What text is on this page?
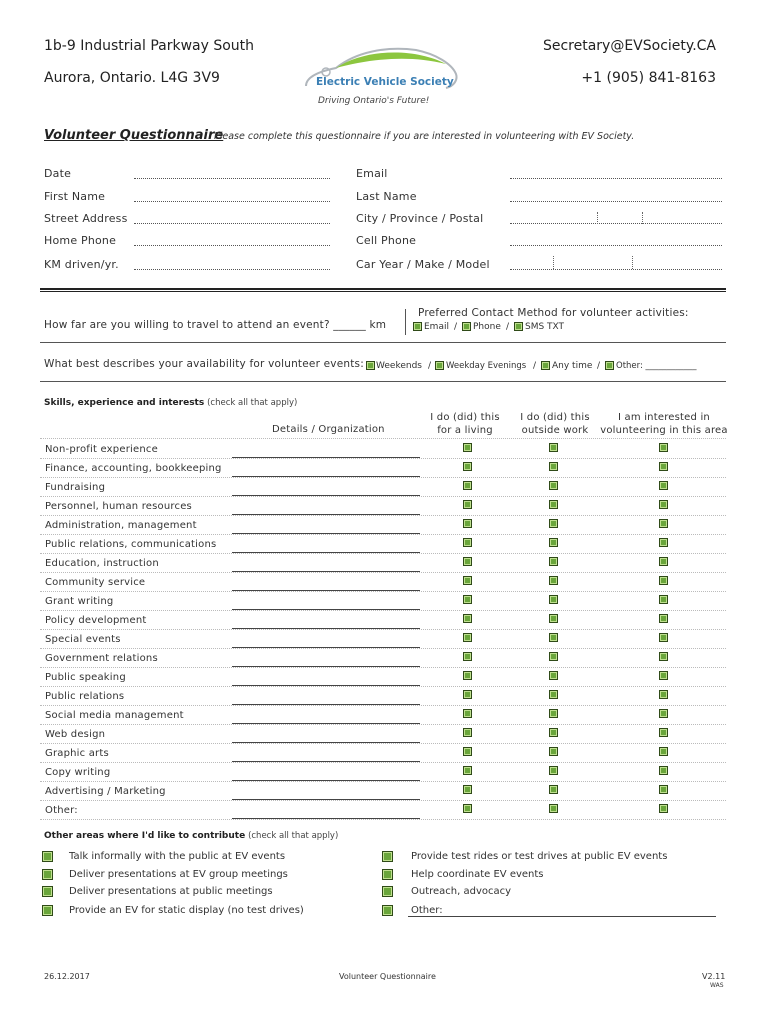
1b-9 Industrial Parkway South
Aurora, Ontario. L4G 3V9
Secretary@EVSociety.CA
+1 (905) 841-8163
Electric Vehicle Society
Driving Ontario's Future!
Volunteer Questionnaire
Please complete this questionnaire if you are interested in volunteering with EV Society.
Date
First Name
Street Address
Home Phone
KM driven/yr.
Email
Last Name
City / Province / Postal
Cell Phone
Car Year / Make / Model
How far are you willing to travel to attend an event? ______ km
Preferred Contact Method for volunteer activities:
Email / Phone / SMS TXT
What best describes your availability for volunteer events: Weekends / Weekday Evenings / Any time / Other: ____________
Skills, experience and interests (check all that apply)
Details / Organization
I do (did) this
for a living
I do (did) this
outside work
I am interested in
volunteering in this area
Non-profit experience
Finance, accounting, bookkeeping
Fundraising
Personnel, human resources
Administration, management
Public relations, communications
Education, instruction
Community service
Grant writing
Policy development
Special events
Government relations
Public speaking
Public relations
Social media management
Web design
Graphic arts
Copy writing
Advertising / Marketing
Other:
Other areas where I'd like to contribute (check all that apply)
Talk informally with the public at EV events
Deliver presentations at EV group meetings
Deliver presentations at public meetings
Provide an EV for static display (no test drives)
Provide test rides or test drives at public EV events
Help coordinate EV events
Outreach, advocacy
Other:
26.12.2017	Volunteer Questionnaire	V2.11
WAS
